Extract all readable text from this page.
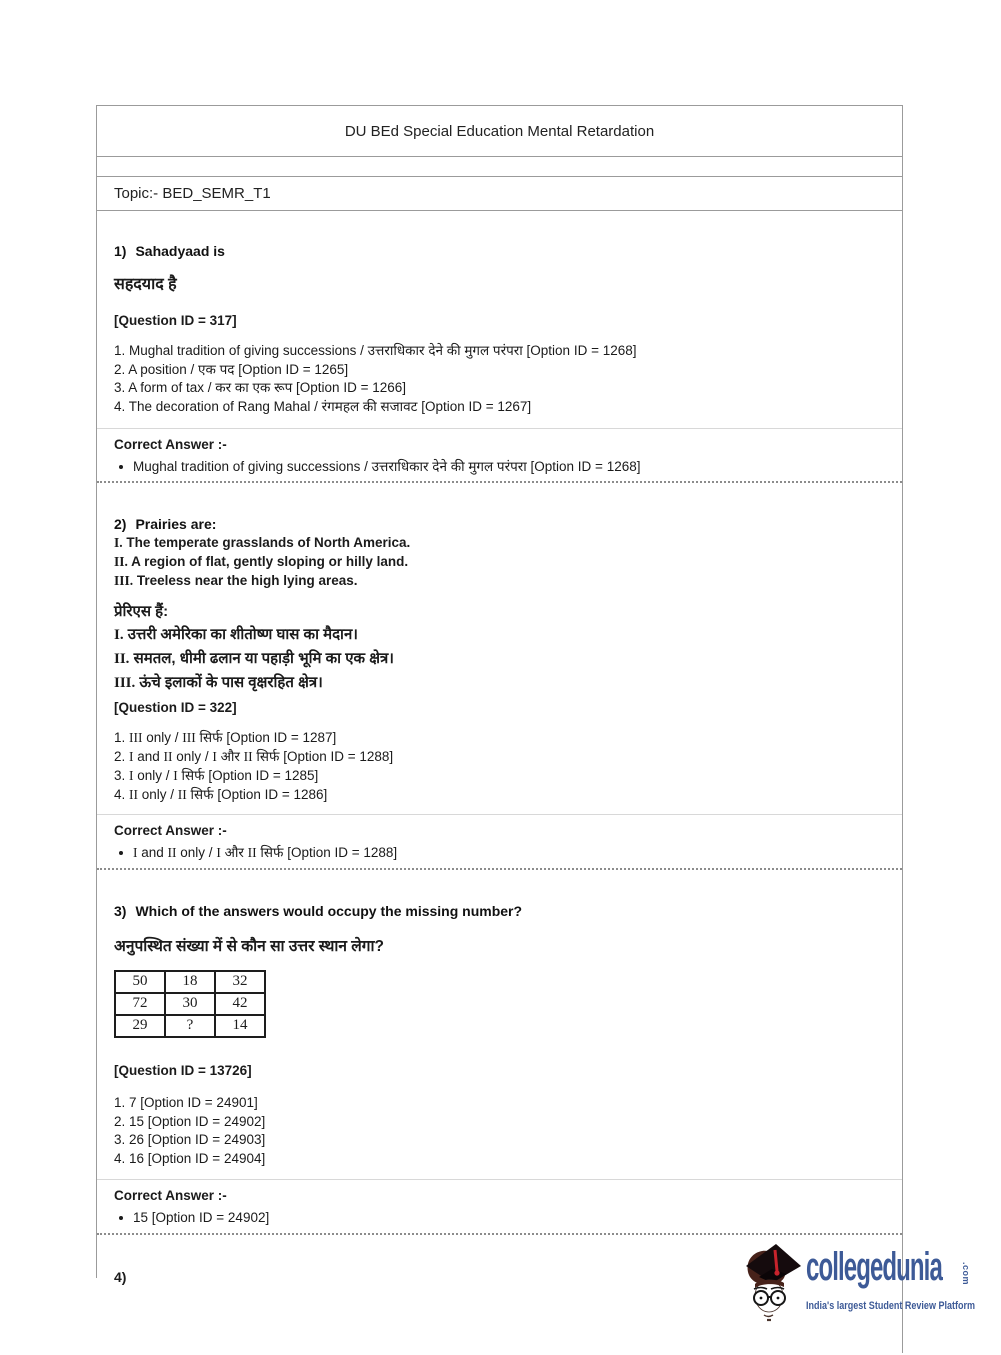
DU BEd Special Education Mental Retardation
Topic:- BED_SEMR_T1
1) Sahadyaad is
सहदयाद है
[Question ID = 317]
1. Mughal tradition of giving successions / उत्तराधिकार देने की मुगल परंपरा [Option ID = 1268]
2. A position / एक पद [Option ID = 1265]
3. A form of tax / कर का एक रूप [Option ID = 1266]
4. The decoration of Rang Mahal / रंगमहल की सजावट [Option ID = 1267]
Correct Answer :-
Mughal tradition of giving successions / उत्तराधिकार देने की मुगल परंपरा [Option ID = 1268]
2) Prairies are:
I. The temperate grasslands of North America.
II. A region of flat, gently sloping or hilly land.
III. Treeless near the high lying areas.
प्रेरिएस हैं:
I. उत्तरी अमेरिका का शीतोष्ण घास का मैदान।
II. समतल, धीमी ढलान या पहाड़ी भूमि का एक क्षेत्र।
III. ऊंचे इलाकों के पास वृक्षरहित क्षेत्र।
[Question ID = 322]
1. III only / III सिर्फ [Option ID = 1287]
2. I and II only / I और II सिर्फ [Option ID = 1288]
3. I only / I सिर्फ [Option ID = 1285]
4. II only / II सिर्फ [Option ID = 1286]
Correct Answer :-
I and II only / I और II सिर्फ [Option ID = 1288]
3) Which of the answers would occupy the missing number?
अनुपस्थित संख्या में से कौन सा उत्तर स्थान लेगा?
50	18	32
72	30	42
29	?	14
[Question ID = 13726]
1. 7 [Option ID = 24901]
2. 15 [Option ID = 24902]
3. 26 [Option ID = 24903]
4. 16 [Option ID = 24904]
Correct Answer :-
15 [Option ID = 24902]
4)	collegedunia	.com
India's largest Student Review Platform
